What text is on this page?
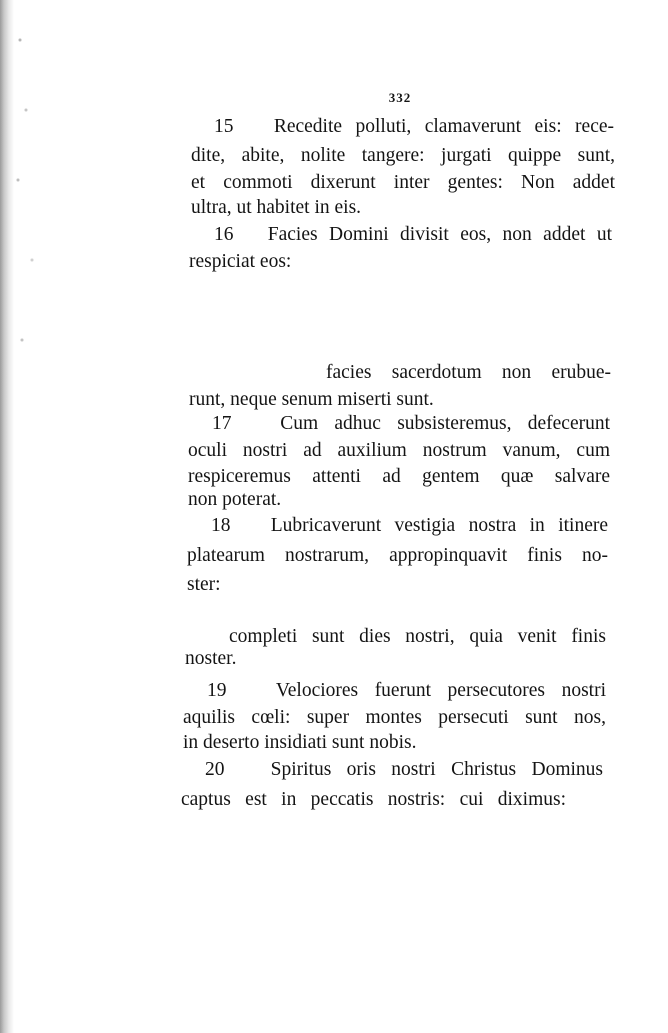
332
15 Recedite polluti, clamaverunt eis: rece-
dite, abite, nolite tangere: jurgati quippe sunt,
et commoti dixerunt inter gentes: Non addet
ultra, ut habitet in eis.
16 Facies Domini divisit eos, non addet ut
respiciat eos:
facies sacerdotum non erubue-
runt, neque senum miserti sunt.
17 Cum adhuc subsisteremus, defecerunt
oculi nostri ad auxilium nostrum vanum, cum
respiceremus attenti ad gentem quæ salvare
non poterat.
18 Lubricaverunt vestigia nostra in itinere
platearum nostrarum, appropinquavit finis no-
ster:
completi sunt dies nostri, quia venit finis
noster.
19	Velociores fuerunt persecutores nostri
aquilis cœli: super montes persecuti sunt nos,
in deserto insidiati sunt nobis.
20 Spiritus oris nostri Christus Dominus
captus est in peccatis nostris: cui diximus:
